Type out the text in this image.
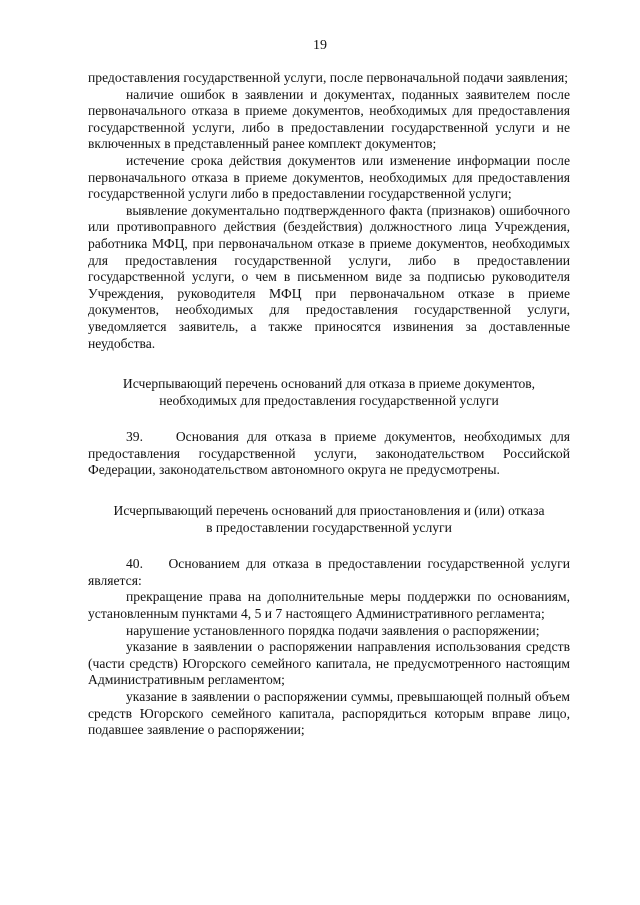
19

предоставления государственной услуги, после первоначальной подачи заявления;

наличие ошибок в заявлении и документах, поданных заявителем после первоначального отказа в приеме документов, необходимых для предоставления государственной услуги, либо в предоставлении государственной услуги и не включенных в представленный ранее комплект документов;

истечение срока действия документов или изменение информации после первоначального отказа в приеме документов, необходимых для предоставления государственной услуги либо в предоставлении государственной услуги;

выявление документально подтвержденного факта (признаков) ошибочного или противоправного действия (бездействия) должностного лица Учреждения, работника МФЦ, при первоначальном отказе в приеме документов, необходимых для предоставления государственной услуги, либо в предоставлении государственной услуги, о чем в письменном виде за подписью руководителя Учреждения, руководителя МФЦ при первоначальном отказе в приеме документов, необходимых для предоставления государственной услуги, уведомляется заявитель, а также приносятся извинения за доставленные неудобства.

Исчерпывающий перечень оснований для отказа в приеме документов,

необходимых для предоставления государственной услуги

39.    Основания для отказа в приеме документов, необходимых для предоставления государственной услуги, законодательством Российской Федерации, законодательством автономного округа не предусмотрены.

Исчерпывающий перечень оснований для приостановления и (или) отказа

в предоставлении государственной услуги

40.    Основанием для отказа в предоставлении государственной услуги является:

прекращение права на дополнительные меры поддержки по основаниям, установленным пунктами 4, 5 и 7 настоящего Административного регламента;

нарушение установленного порядка подачи заявления о распоряжении;

указание в заявлении о распоряжении направления использования средств (части средств) Югорского семейного капитала, не предусмотренного настоящим Административным регламентом;

указание в заявлении о распоряжении суммы, превышающей полный объем средств Югорского семейного капитала, распорядиться которым вправе лицо, подавшее заявление о распоряжении;
